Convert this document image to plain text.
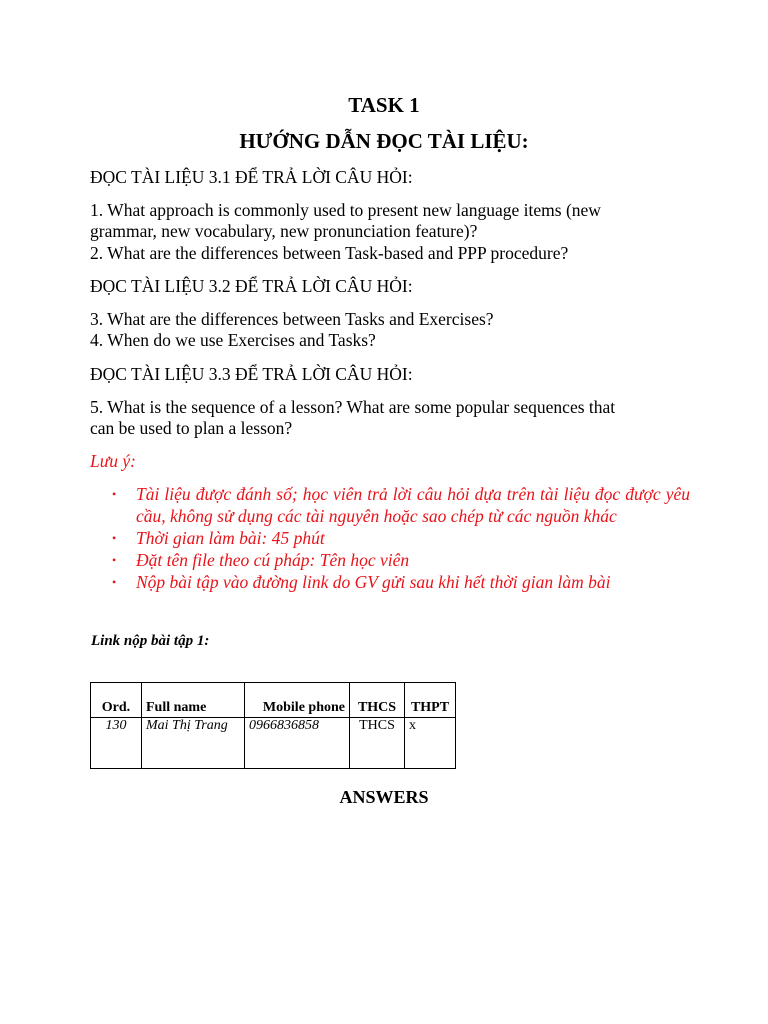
TASK 1
HƯỚNG DẪN ĐỌC TÀI LIỆU:
ĐỌC TÀI LIỆU 3.1 ĐỂ TRẢ LỜI CÂU HỎI:
1. What approach is commonly used to present new language items (new
grammar, new vocabulary, new pronunciation feature)?
2. What are the differences between Task-based and PPP procedure?
ĐỌC TÀI LIỆU 3.2 ĐỂ TRẢ LỜI CÂU HỎI:
3. What are the differences between Tasks and Exercises?
4. When do we use Exercises and Tasks?
ĐỌC TÀI LIỆU 3.3 ĐỂ TRẢ LỜI CÂU HỎI:
5. What is the sequence of a lesson? What are some popular sequences that
can be used to plan a lesson?
Lưu ý:
• Tài liệu được đánh số; học viên trả lời câu hỏi dựa trên tài liệu đọc được yêu cầu, không sử dụng các tài nguyên hoặc sao chép từ các nguồn khác
• Thời gian làm bài: 45 phút
• Đặt tên file theo cú pháp: Tên học viên
• Nộp bài tập vào đường link do GV gửi sau khi hết thời gian làm bài
Link nộp bài tập 1:
Ord.	Full name	Mobile phone	THCS	THPT
130	Mai Thị Trang	0966836858	THCS	x
ANSWERS
